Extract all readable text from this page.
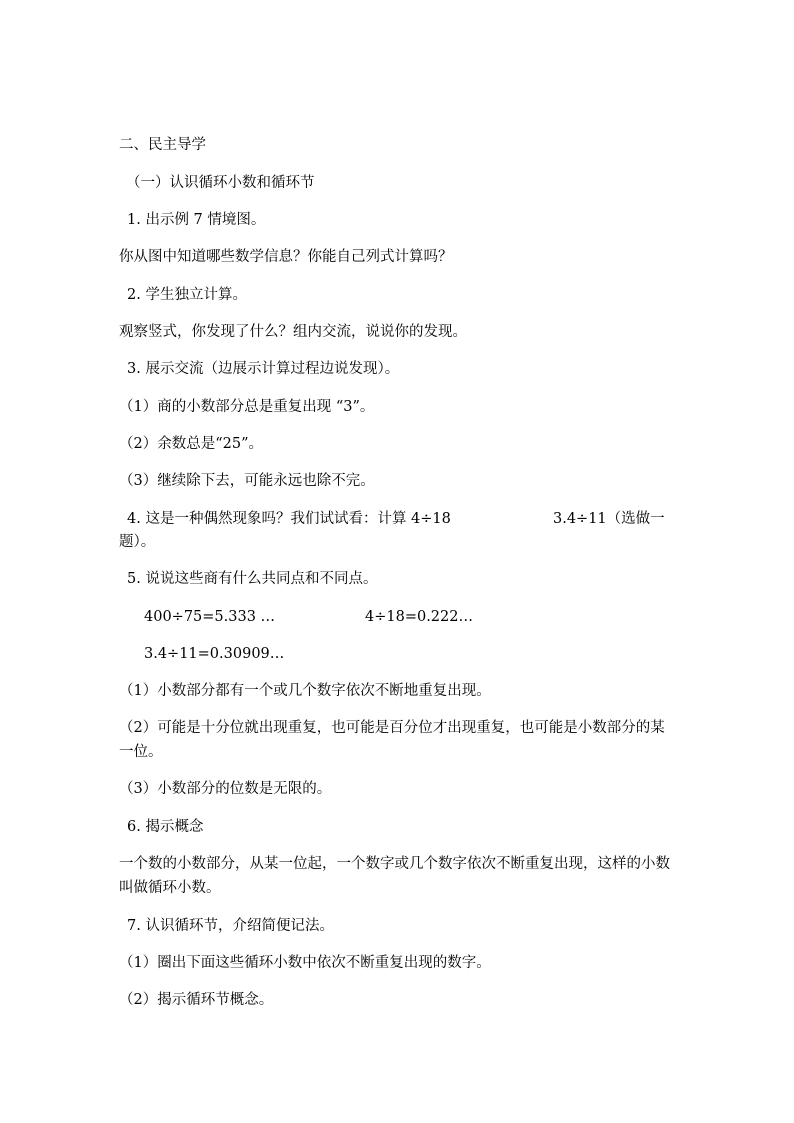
二、民主导学
（一）认识循环小数和循环节
1. 出示例 7 情境图。
你从图中知道哪些数学信息？你能自己列式计算吗？
2. 学生独立计算。
观察竖式，你发现了什么？组内交流，说说你的发现。
3. 展示交流（边展示计算过程边说发现）。
（1）商的小数部分总是重复出现 “3”。
（2）余数总是“25”。
（3）继续除下去，可能永远也除不完。
4. 这是一种偶然现象吗？我们试试看：计算 4÷18	3.4÷11（选做一
题）。
5. 说说这些商有什么共同点和不同点。
400÷75=5.333 …	4÷18=0.222…
3.4÷11=0.30909…
（1）小数部分都有一个或几个数字依次不断地重复出现。
（2）可能是十分位就出现重复，也可能是百分位才出现重复，也可能是小数部分的某一位。
（3）小数部分的位数是无限的。
6. 揭示概念
一个数的小数部分，从某一位起，一个数字或几个数字依次不断重复出现，这样的小数叫做循环小数。
7. 认识循环节，介绍简便记法。
（1）圈出下面这些循环小数中依次不断重复出现的数字。
（2）揭示循环节概念。
